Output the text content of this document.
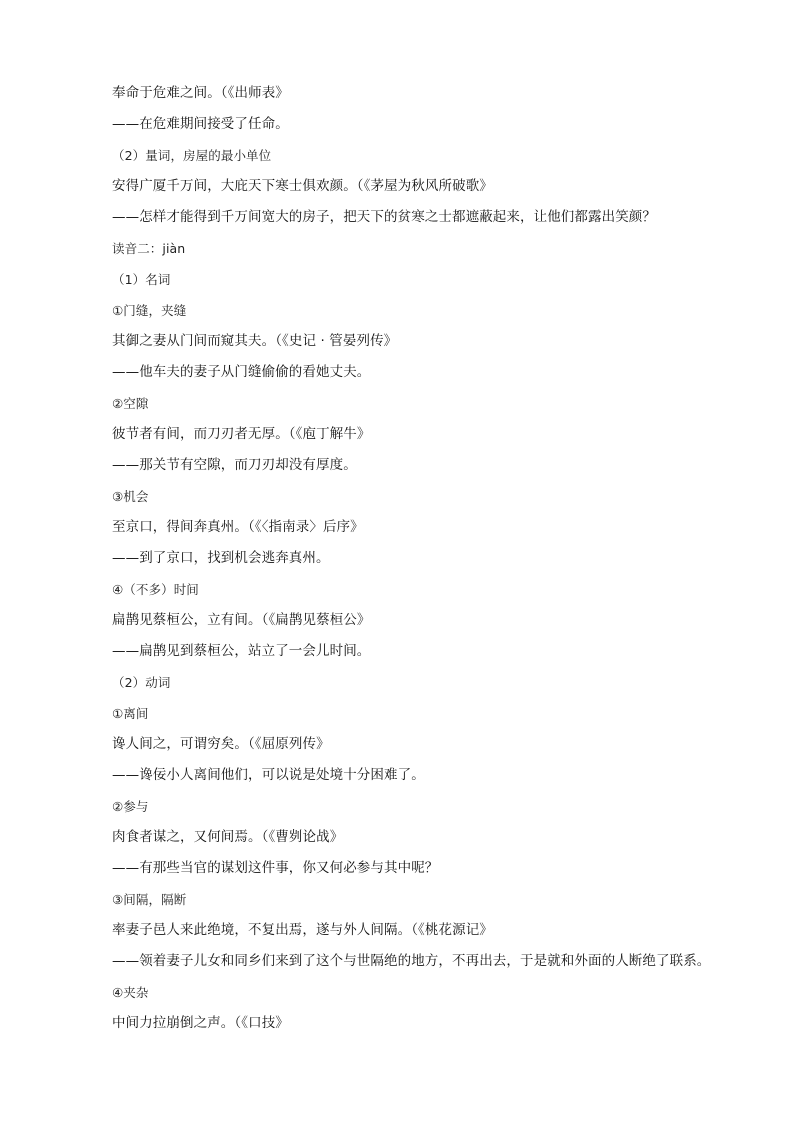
奉命于危难之间。（《出师表》
——在危难期间接受了任命。
（2）量词，房屋的最小单位
安得广厦千万间，大庇天下寒士俱欢颜。（《茅屋为秋风所破歌》
——怎样才能得到千万间宽大的房子，把天下的贫寒之士都遮蔽起来，让他们都露出笑颜？
读音二：jiàn
（1）名词
①门缝，夹缝
其御之妻从门间而窥其夫。（《史记 · 管晏列传》
——他车夫的妻子从门缝偷偷的看她丈夫。
②空隙
彼节者有间，而刀刃者无厚。（《庖丁解牛》
——那关节有空隙，而刀刃却没有厚度。
③机会
至京口，得间奔真州。（《〈指南录〉后序》
——到了京口，找到机会逃奔真州。
④（不多）时间
扁鹊见蔡桓公，立有间。（《扁鹊见蔡桓公》
——扁鹊见到蔡桓公，站立了一会儿时间。
（2）动词
①离间
谗人间之，可谓穷矣。（《屈原列传》
——谗佞小人离间他们，可以说是处境十分困难了。
②参与
肉食者谋之，又何间焉。（《曹刿论战》
——有那些当官的谋划这件事，你又何必参与其中呢？
③间隔，隔断
率妻子邑人来此绝境，不复出焉，遂与外人间隔。（《桃花源记》
——领着妻子儿女和同乡们来到了这个与世隔绝的地方，不再出去，于是就和外面的人断绝了联系。
④夹杂
中间力拉崩倒之声。（《口技》
